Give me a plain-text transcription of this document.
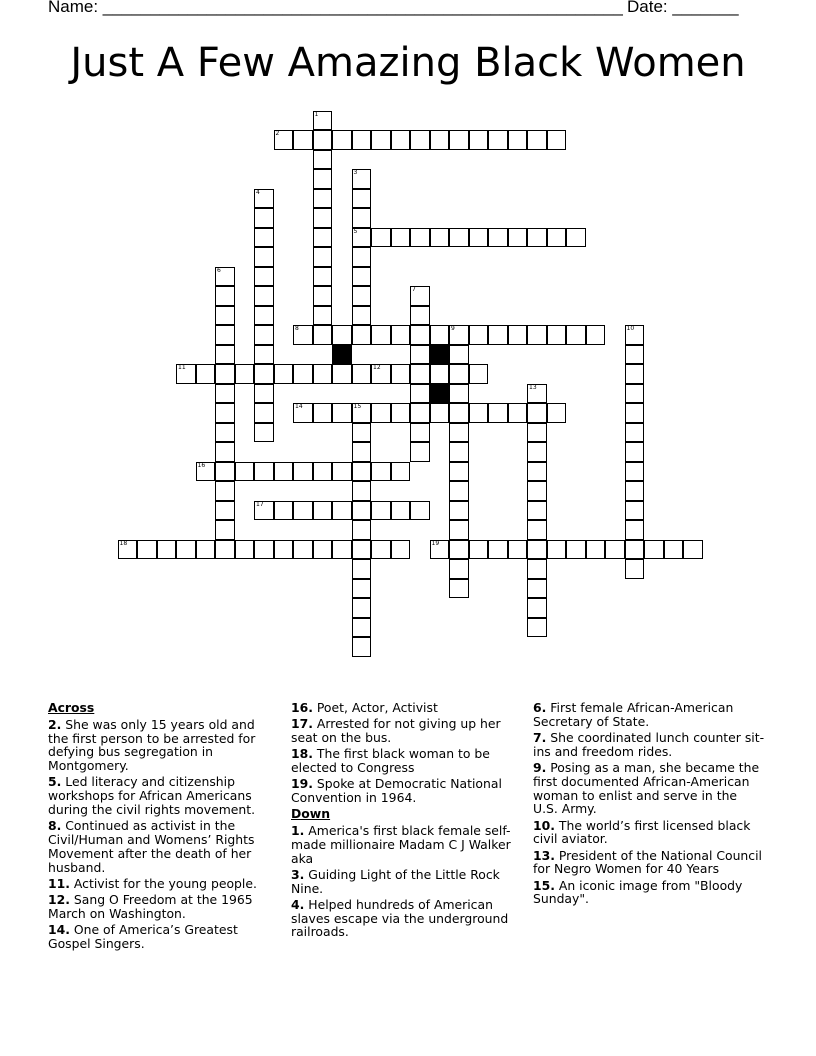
Name: _______________________________________________________ Date: _______
Just A Few Amazing Black Women
1
2
3
5
4
6
7
8	9	10
11	12
13
14	15
16
17
18	19
Across
2. She was only 15 years old and the first person to be arrested for defying bus segregation in Montgomery.
5. Led literacy and citizenship workshops for African Americans during the civil rights movement.
8. Continued as activist in the Civil/Human and Womens’ Rights Movement after the death of her husband.
11. Activist for the young people.
12. Sang O Freedom at the 1965 March on Washington.
14. One of America’s Greatest Gospel Singers.
16. Poet, Actor, Activist
17. Arrested for not giving up her seat on the bus.
18. The first black woman to be elected to Congress
19. Spoke at Democratic National Convention in 1964.
Down
1. America's first black female self-made millionaire Madam C J Walker aka
3. Guiding Light of the Little Rock Nine.
4. Helped hundreds of American slaves escape via the underground railroads.
6. First female African-American Secretary of State.
7. She coordinated lunch counter sit-ins and freedom rides.
9. Posing as a man, she became the first documented African-American woman to enlist and serve in the U.S. Army.
10. The world’s first licensed black civil aviator.
13. President of the National Council for Negro Women for 40 Years
15. An iconic image from "Bloody Sunday".
